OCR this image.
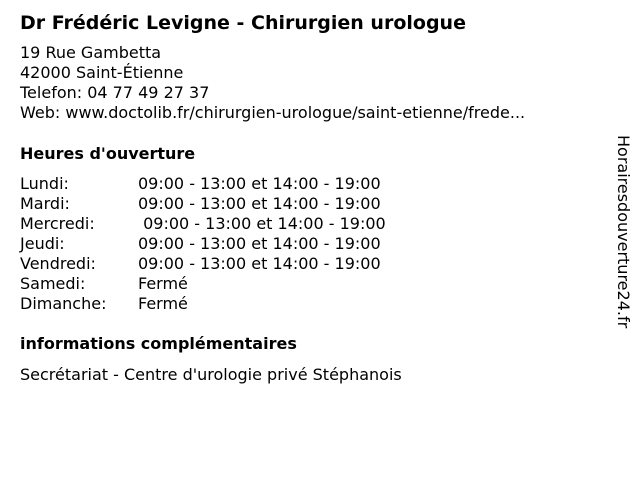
Dr Frédéric Levigne - Chirurgien urologue
19 Rue Gambetta
42000 Saint-Étienne
Telefon: 04 77 49 27 37
Web: www.doctolib.fr/chirurgien-urologue/saint-etienne/frede...
Heures d'ouverture
Lundi:	09:00 - 13:00 et 14:00 - 19:00
Mardi:	09:00 - 13:00 et 14:00 - 19:00
Mercredi:	09:00 - 13:00 et 14:00 - 19:00
Jeudi:	09:00 - 13:00 et 14:00 - 19:00
Vendredi:	09:00 - 13:00 et 14:00 - 19:00
Samedi:	Fermé
Dimanche: Fermé
informations complémentaires
Secrétariat - Centre d'urologie privé Stéphanois
Horairesdouverture24.fr
